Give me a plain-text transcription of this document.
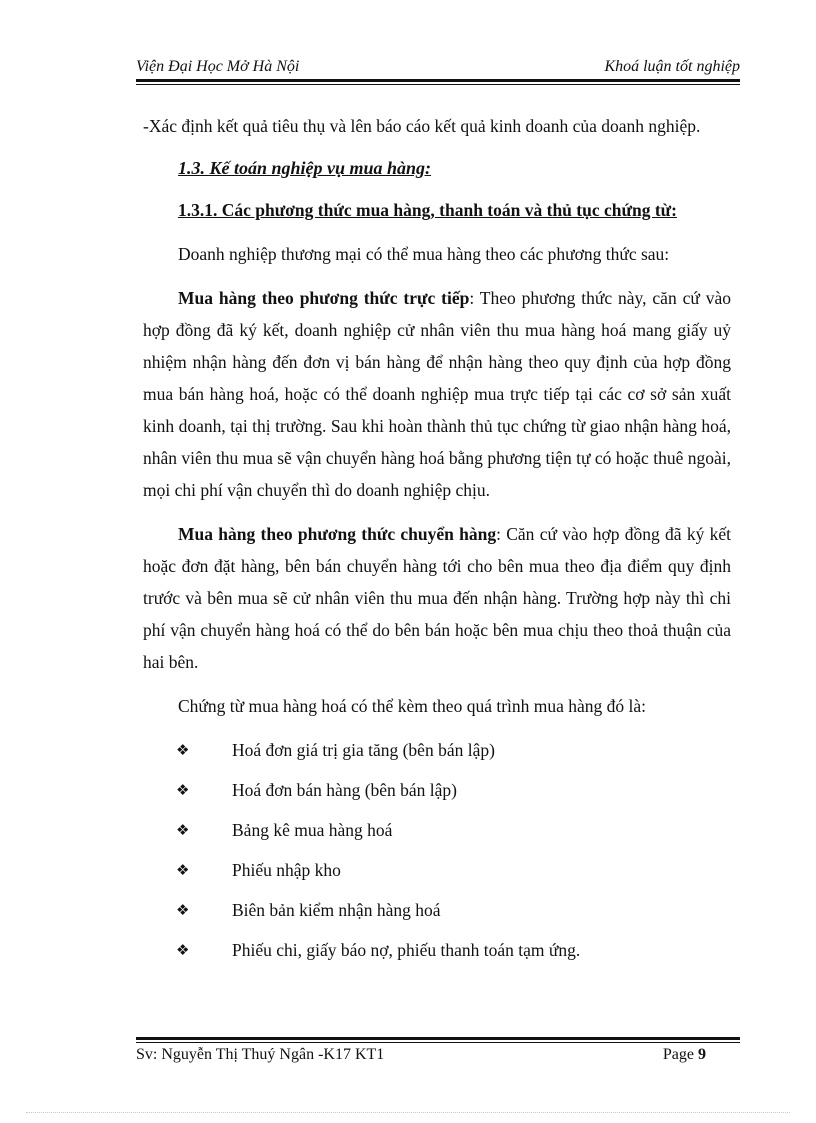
Viện Đại Học Mở Hà Nội	Khoá luận tốt nghiệp

-Xác định kết quả tiêu thụ và lên báo cáo kết quả kinh doanh của doanh nghiệp.

1.3. Kế toán nghiệp vụ mua hàng:
1.3.1. Các phương thức mua hàng, thanh toán và thủ tục chứng từ:

Doanh nghiệp thương mại có thể mua hàng theo các phương thức sau:

Mua hàng theo phương thức trực tiếp: Theo phương thức này, căn cứ vào hợp đồng đã ký kết, doanh nghiệp cử nhân viên thu mua hàng hoá mang giấy uỷ nhiệm nhận hàng đến đơn vị bán hàng để nhận hàng theo quy định của hợp đồng mua bán hàng hoá, hoặc có thể doanh nghiệp mua trực tiếp tại các cơ sở sản xuất kinh doanh, tại thị trường. Sau khi hoàn thành thủ tục chứng từ giao nhận hàng hoá, nhân viên thu mua sẽ vận chuyển hàng hoá bằng phương tiện tự có hoặc thuê ngoài, mọi chi phí vận chuyển thì do doanh nghiệp chịu.

Mua hàng theo phương thức chuyển hàng: Căn cứ vào hợp đồng đã ký kết hoặc đơn đặt hàng, bên bán chuyển hàng tới cho bên mua theo địa điểm quy định trước và bên mua sẽ cử nhân viên thu mua đến nhận hàng. Trường hợp này thì chi phí vận chuyển hàng hoá có thể do bên bán hoặc bên mua chịu theo thoả thuận của hai bên.

Chứng từ mua hàng hoá có thể kèm theo quá trình mua hàng đó là:

❖	Hoá đơn giá trị gia tăng (bên bán lập)
❖	Hoá đơn bán hàng (bên bán lập)
❖	Bảng kê mua hàng hoá
❖	Phiếu nhập kho
❖	Biên bản kiểm nhận hàng hoá
❖	Phiếu chi, giấy báo nợ, phiếu thanh toán tạm ứng.
Sv: Nguyễn Thị Thuý Ngân -K17 KT1	Page 9
